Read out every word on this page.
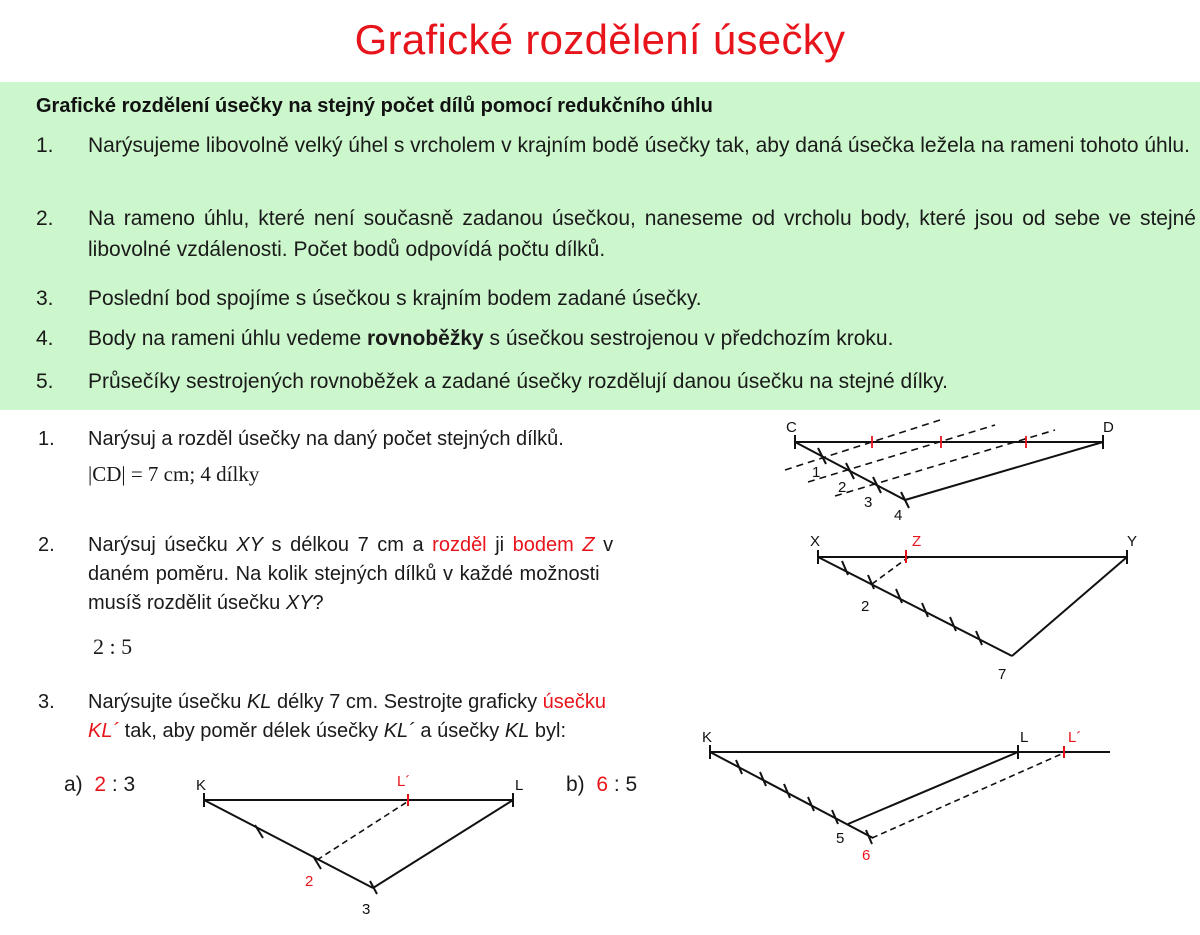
Grafické rozdělení úsečky
Grafické rozdělení úsečky na stejný počet dílů pomocí redukčního úhlu
1.	Narýsujeme libovolně velký úhel s vrcholem v krajním bodě úsečky tak, aby daná úsečka ležela na rameni tohoto úhlu.
2.	Na rameno úhlu, které není současně zadanou úsečkou, naneseme od vrcholu body, které jsou od sebe ve stejné libovolné vzdálenosti. Počet bodů odpovídá počtu dílků.
3.	Poslední bod spojíme s úsečkou s krajním bodem zadané úsečky.
4.	Body na rameni úhlu vedeme rovnoběžky s úsečkou sestrojenou v předchozím kroku.
5.	Průsečíky sestrojených rovnoběžek a zadané úsečky rozdělují danou úsečku na stejné dílky.
1.	Narýsuj a rozděl úsečky na daný počet stejných dílků.
|CD| = 7 cm; 4 dílky
2.	Narýsuj úsečku XY s délkou 7 cm a rozděl ji bodem Z v
daném poměru. Na kolik stejných dílků v každé možnosti
musíš rozdělit úsečku XY?
2 : 5
3.	Narýsujte úsečku KL délky 7 cm. Sestrojte graficky úsečku
KL´ tak, aby poměr délek úsečky KL´ a úsečky KL byl:
a) 2 : 3	b) 6 : 5
C	D
1
2
3
4
X	Y
Z
2
7
K	L
L´
2
3
K	L	L´
5
6
